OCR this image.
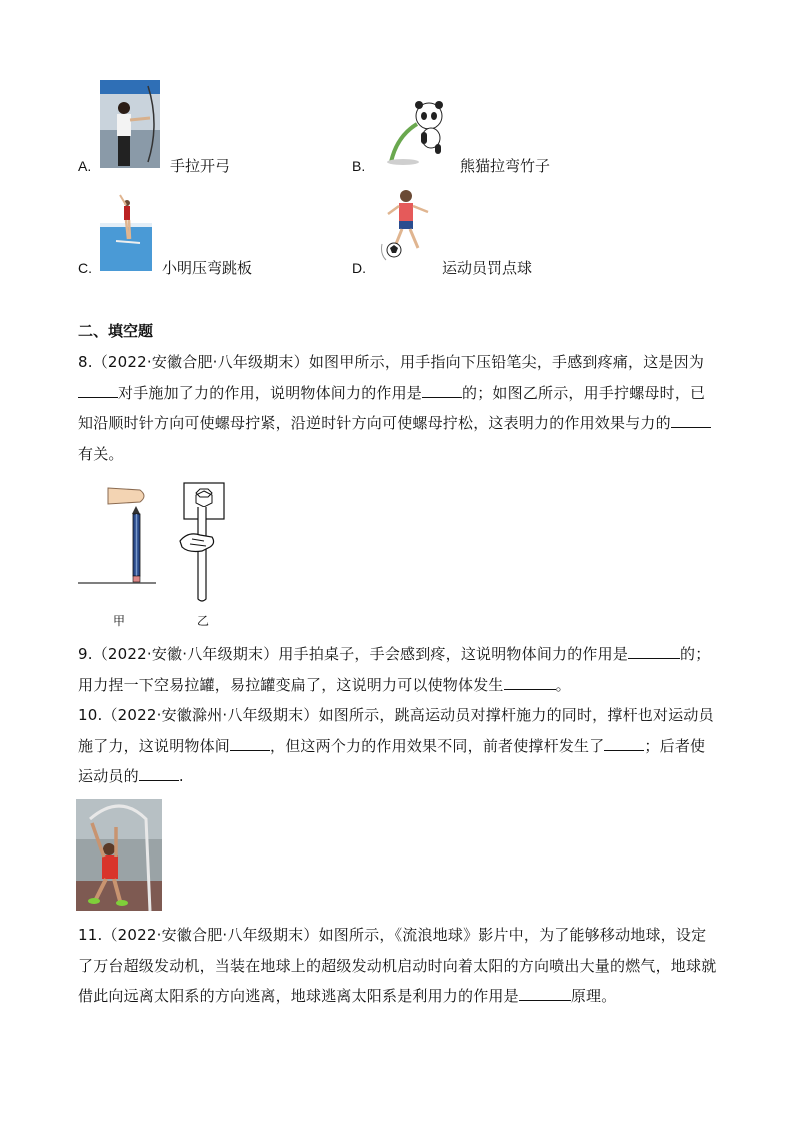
A.	手拉开弓	B.	熊猫拉弯竹子
C.	小明压弯跳板	D.	运动员罚点球
二、填空题
8.（2022·安徽合肥·八年级期末）如图甲所示，用手指向下压铅笔尖，手感到疼痛，这是因为对手施加了力的作用，说明物体间力的作用是	的；如图乙所示，用手拧螺母时，已知沿顺时针方向可使螺母拧紧，沿逆时针方向可使螺母拧松，这表明力的作用效果与力的有关。
甲	乙
9.（2022·安徽·八年级期末）用手拍桌子，手会感到疼，这说明物体间力的作用是	的；用力捏一下空易拉罐，易拉罐变扁了，这说明力可以使物体发生	。
10.（2022·安徽滁州·八年级期末）如图所示，跳高运动员对撑杆施力的同时，撑杆也对运动员施了力，这说明物体间	，但这两个力的作用效果不同，前者使撑杆发生了	；后者使运动员的	.
11.（2022·安徽合肥·八年级期末）如图所示，《流浪地球》影片中，为了能够移动地球，设定了万台超级发动机，当装在地球上的超级发动机启动时向着太阳的方向喷出大量的燃气，地球就借此向远离太阳系的方向逃离，地球逃离太阳系是利用力的作用是	原理。
